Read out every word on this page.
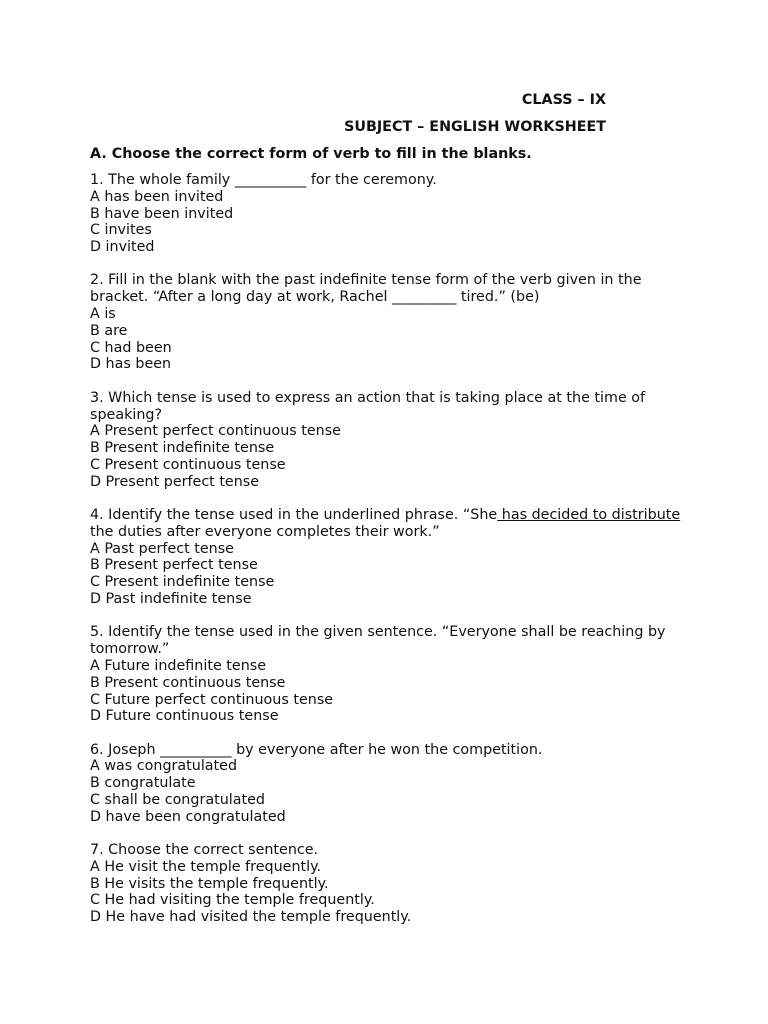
CLASS – IX
SUBJECT – ENGLISH WORKSHEET
A. Choose the correct form of verb to fill in the blanks.
1. The whole family __________ for the ceremony.
A has been invited
B have been invited
C invites
D invited
2. Fill in the blank with the past indefinite tense form of the verb given in the bracket. “After a long day at work, Rachel _________ tired.” (be)
A is
B are
C had been
D has been
3. Which tense is used to express an action that is taking place at the time of speaking?
A Present perfect continuous tense
B Present indefinite tense
C Present continuous tense
D Present perfect tense
4. Identify the tense used in the underlined phrase. “She has decided to distribute the duties after everyone completes their work.”
A Past perfect tense
B Present perfect tense
C Present indefinite tense
D Past indefinite tense
5. Identify the tense used in the given sentence. “Everyone shall be reaching by tomorrow.”
A Future indefinite tense
B Present continuous tense
C Future perfect continuous tense
D Future continuous tense
6. Joseph __________ by everyone after he won the competition.
A was congratulated
B congratulate
C shall be congratulated
D have been congratulated
7. Choose the correct sentence.
A He visit the temple frequently.
B He visits the temple frequently.
C He had visiting the temple frequently.
D He have had visited the temple frequently.
